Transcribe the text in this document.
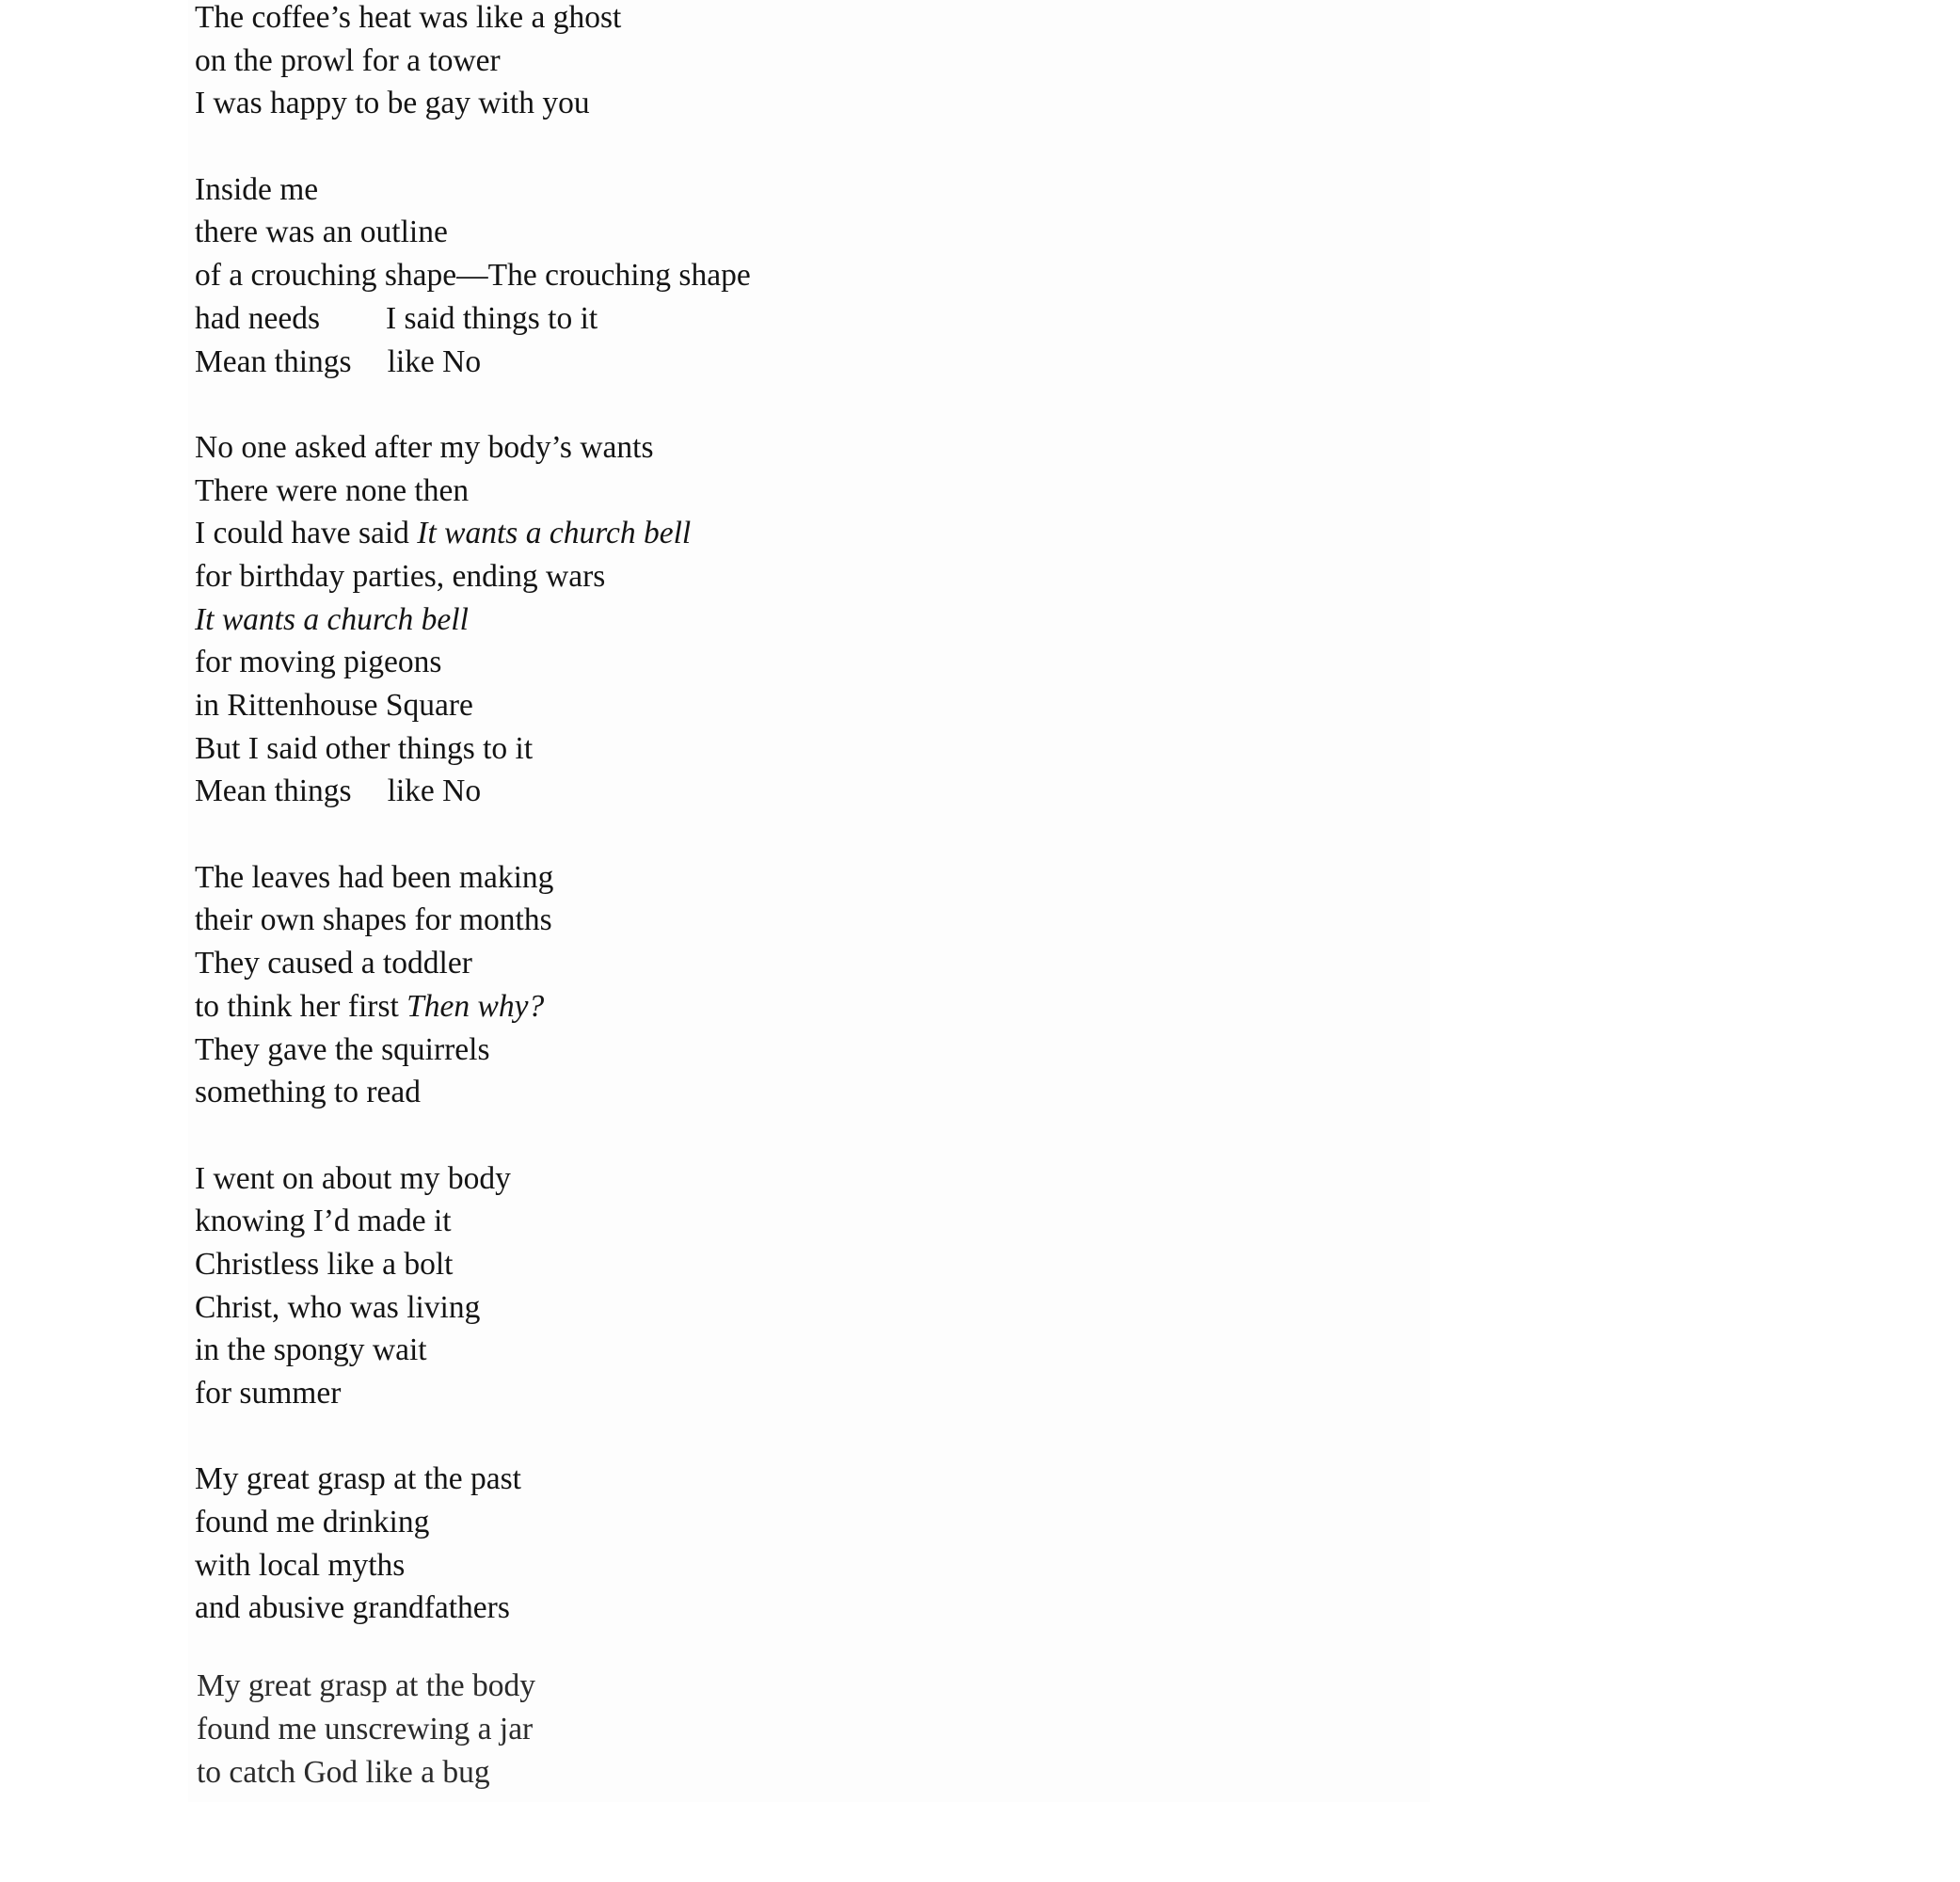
The coffee’s heat was like a ghost
on the prowl for a tower
I was happy to be gay with you
Inside me
there was an outline
of a crouching shape—The crouching shape
had needs I said things to it
Mean things like No
No one asked after my body’s wants
There were none then
I could have said It wants a church bell
for birthday parties, ending wars
It wants a church bell
for moving pigeons
in Rittenhouse Square
But I said other things to it
Mean things like No
The leaves had been making
their own shapes for months
They caused a toddler
to think her first Then why?
They gave the squirrels
something to read
I went on about my body
knowing I’d made it
Christless like a bolt
Christ, who was living
in the spongy wait
for summer
My great grasp at the past
found me drinking
with local myths
and abusive grandfathers
My great grasp at the body
found me unscrewing a jar
to catch God like a bug
